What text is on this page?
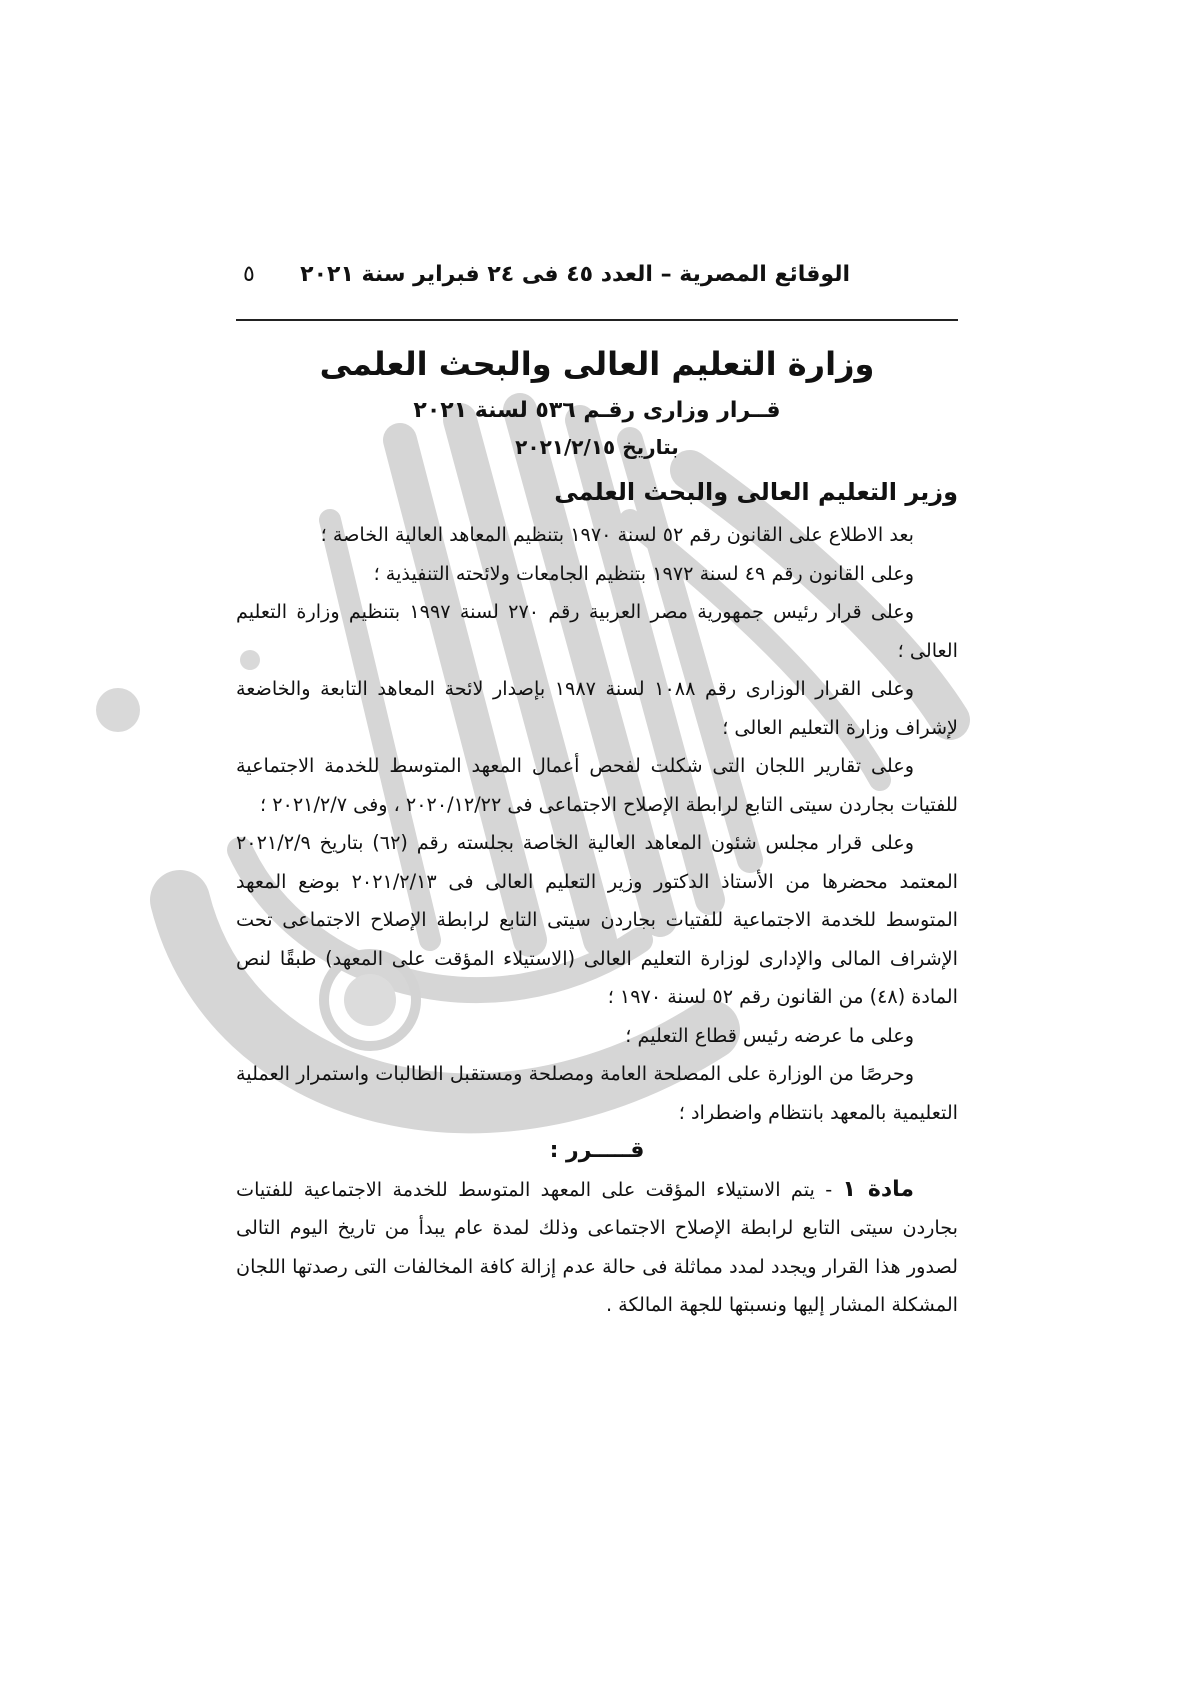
٥ الوقائع المصرية – العدد ٤٥ فى ٢٤ فبراير سنة ٢٠٢١
وزارة التعليم العالى والبحث العلمى
قــرار وزارى رقـم ٥٣٦ لسنة ٢٠٢١
بتاريخ ٢٠٢١/٢/١٥
وزير التعليم العالى والبحث العلمى

بعد الاطلاع على القانون رقم ٥٢ لسنة ١٩٧٠ بتنظيم المعاهد العالية الخاصة ؛

وعلى القانون رقم ٤٩ لسنة ١٩٧٢ بتنظيم الجامعات ولائحته التنفيذية ؛

وعلى قرار رئيس جمهورية مصر العربية رقم ٢٧٠ لسنة ١٩٩٧ بتنظيم وزارة التعليم العالى ؛

وعلى القرار الوزارى رقم ١٠٨٨ لسنة ١٩٨٧ بإصدار لائحة المعاهد التابعة والخاضعة لإشراف وزارة التعليم العالى ؛

وعلى تقارير اللجان التى شكلت لفحص أعمال المعهد المتوسط للخدمة الاجتماعية للفتيات بجاردن سيتى التابع لرابطة الإصلاح الاجتماعى فى ٢٠٢٠/١٢/٢٢ ، وفى ٢٠٢١/٢/٧ ؛

وعلى قرار مجلس شئون المعاهد العالية الخاصة بجلسته رقم (٦٢) بتاريخ ٢٠٢١/٢/٩ المعتمد محضرها من الأستاذ الدكتور وزير التعليم العالى فى ٢٠٢١/٢/١٣ بوضع المعهد المتوسط للخدمة الاجتماعية للفتيات بجاردن سيتى التابع لرابطة الإصلاح الاجتماعى تحت الإشراف المالى والإدارى لوزارة التعليم العالى (الاستيلاء المؤقت على المعهد) طبقًا لنص المادة (٤٨) من القانون رقم ٥٢ لسنة ١٩٧٠ ؛

وعلى ما عرضه رئيس قطاع التعليم ؛

وحرصًا من الوزارة على المصلحة العامة ومصلحة ومستقبل الطالبات واستمرار العملية التعليمية بالمعهد بانتظام واضطراد ؛

قـــــرر :

مادة ١ - يتم الاستيلاء المؤقت على المعهد المتوسط للخدمة الاجتماعية للفتيات بجاردن سيتى التابع لرابطة الإصلاح الاجتماعى وذلك لمدة عام يبدأ من تاريخ اليوم التالى لصدور هذا القرار ويجدد لمدد مماثلة فى حالة عدم إزالة كافة المخالفات التى رصدتها اللجان المشكلة المشار إليها ونسبتها للجهة المالكة .
